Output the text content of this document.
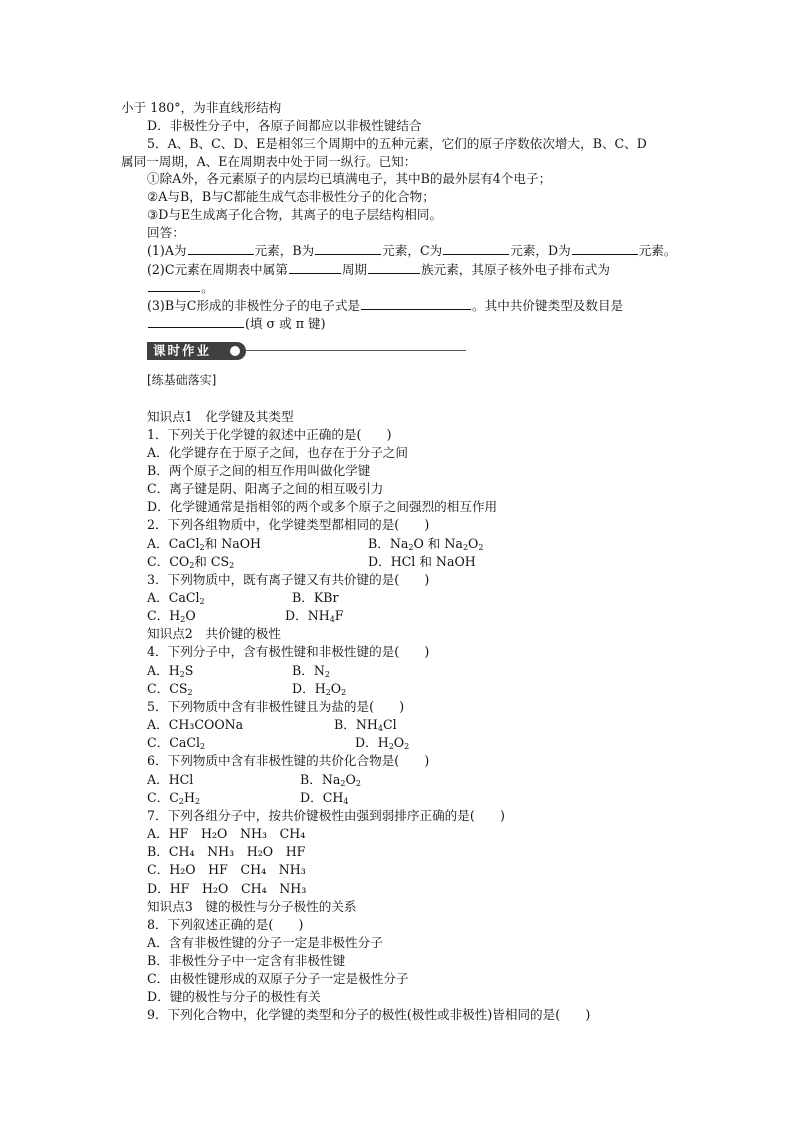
小于 180°，为非直线形结构
D．非极性分子中，各原子间都应以非极性键结合
5．A、B、C、D、E是相邻三个周期中的五种元素，它们的原子序数依次增大，B、C、D
属同一周期，A、E在周期表中处于同一纵行。已知：
①除A外，各元素原子的内层均已填满电子，其中B的最外层有4个电子；
②A与B，B与C都能生成气态非极性分子的化合物；
③D与E生成离子化合物，其离子的电子层结构相同。
回答：
(1)A为	元素，B为	元素，C为	元素，D为	元素。
(2)C元素在周期表中属第	周期	族元素，其原子核外电子排布式为
。
(3)B与C形成的非极性分子的电子式是	。其中共价键类型及数目是
(填 σ 或 π 键)
课时作业
[练基础落实]
知识点1　化学键及其类型
1．下列关于化学键的叙述中正确的是(　　)
A．化学键存在于原子之间，也存在于分子之间
B．两个原子之间的相互作用叫做化学键
C．离子键是阴、阳离子之间的相互吸引力
D．化学键通常是指相邻的两个或多个原子之间强烈的相互作用
2．下列各组物质中，化学键类型都相同的是(　　)
A．CaCl$_2$和 NaOH	B．$Na_2O$ 和 $Na_2O_2$
C．$CO_2$和 $CS_2$	D．HCl 和 NaOH
3．下列物质中，既有离子键又有共价键的是(　　)
A．CaCl$_2$	B．KBr
C．$H_2O$	D．$NH_4F$
知识点2　共价键的极性
4．下列分子中，含有极性键和非极性键的是(　　)
A．$H_2S$	B．$N_2$
C．$CS_2$	D．$H_2O_2$
5．下列物质中含有非极性键且为盐的是(　　)
A．CH₃COONa	B．$NH_4Cl$
C．CaCl$_2$	D．$H_2O_2$
6．下列物质中含有非极性键的共价化合物是(　　)
A．HCl	B．$Na_2O_2$
C．$C_2H_2$	D．$CH_4$
7．下列各组分子中，按共价键极性由强到弱排序正确的是(　　)
A．HF　H₂O　NH₃　CH₄
B．CH₄　NH₃　H₂O　HF
C．H₂O　HF　CH₄　NH₃
D．HF　H₂O　CH₄　NH₃
知识点3　键的极性与分子极性的关系
8．下列叙述正确的是(　　)
A．含有非极性键的分子一定是非极性分子
B．非极性分子中一定含有非极性键
C．由极性键形成的双原子分子一定是极性分子
D．键的极性与分子的极性有关
9．下列化合物中，化学键的类型和分子的极性(极性或非极性)皆相同的是(　　)
